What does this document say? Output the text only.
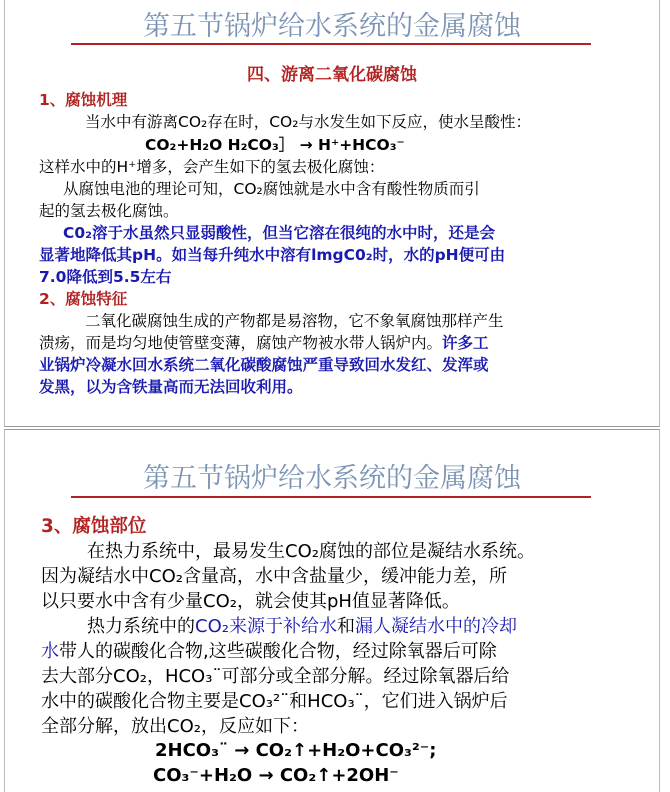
第五节锅炉给水系统的金属腐蚀
四、游离二氧化碳腐蚀
1、腐蚀机理
当水中有游离CO₂存在时，CO₂与水发生如下反应，使水呈酸性：
CO₂+H₂O H₂CO₃］ → H⁺+HCO₃⁻
这样水中的H⁺增多，会产生如下的氢去极化腐蚀：
从腐蚀电池的理论可知，CO₂腐蚀就是水中含有酸性物质而引
起的氢去极化腐蚀。
C0₂溶于水虽然只显弱酸性，但当它溶在很纯的水中时，还是会
显著地降低其pH。如当每升纯水中溶有lmgC0₂时，水的pH便可由
7.0降低到5.5左右
2、腐蚀特征
二氧化碳腐蚀生成的产物都是易溶物，它不象氧腐蚀那样产生
溃疡，而是均匀地使管壁变薄，腐蚀产物被水带人锅炉内。许多工
业锅炉冷凝水回水系统二氧化碳酸腐蚀严重导致回水发红、发浑或
发黑，以为含铁量高而无法回收利用。
第五节锅炉给水系统的金属腐蚀
3、腐蚀部位
在热力系统中，最易发生CO₂腐蚀的部位是凝结水系统。
因为凝结水中CO₂含量高，水中含盐量少，缓冲能力差，所
以只要水中含有少量CO₂，就会使其pH值显著降低。
热力系统中的CO₂来源于补给水和漏人凝结水中的冷却
水带人的碳酸化合物,这些碳酸化合物，经过除氧器后可除
去大部分CO₂，HCO₃¨可部分或全部分解。经过除氧器后给
水中的碳酸化合物主要是CO₃²¨和HCO₃¨，它们进入锅炉后
全部分解，放出CO₂，反应如下：
2HCO₃¨ → CO₂↑+H₂O+CO₃²⁻;
CO₃⁻+H₂O → CO₂↑+2OH⁻
